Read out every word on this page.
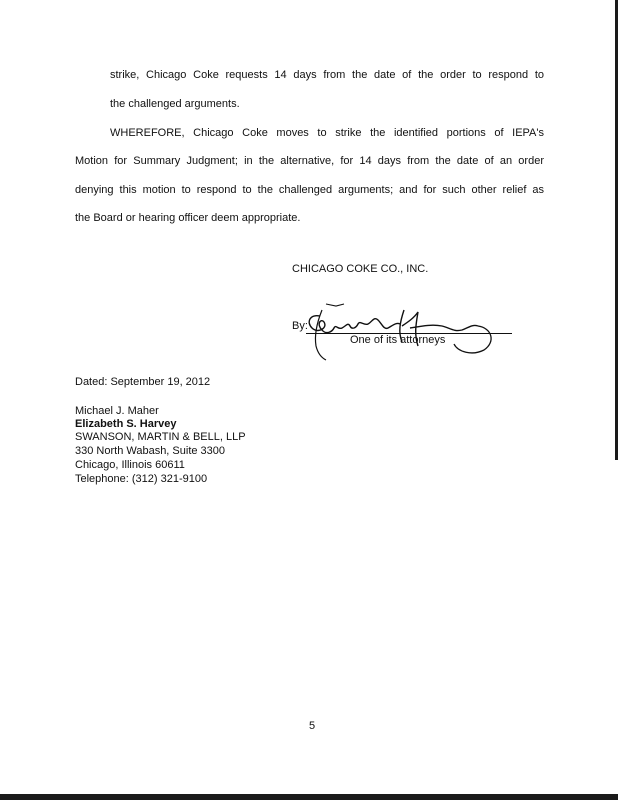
strike, Chicago Coke requests 14 days from the date of the order to respond to
the challenged arguments.
WHEREFORE, Chicago Coke moves to strike the identified portions of IEPA's
Motion for Summary Judgment; in the alternative, for 14 days from the date of an order
denying this motion to respond to the challenged arguments; and for such other relief as
the Board or hearing officer deem appropriate.
CHICAGO COKE CO., INC.
By:
One of its attorneys
Dated: September 19, 2012
Michael J. Maher
Elizabeth S. Harvey
SWANSON, MARTIN & BELL, LLP
330 North Wabash, Suite 3300
Chicago, Illinois 60611
Telephone: (312) 321-9100
5
